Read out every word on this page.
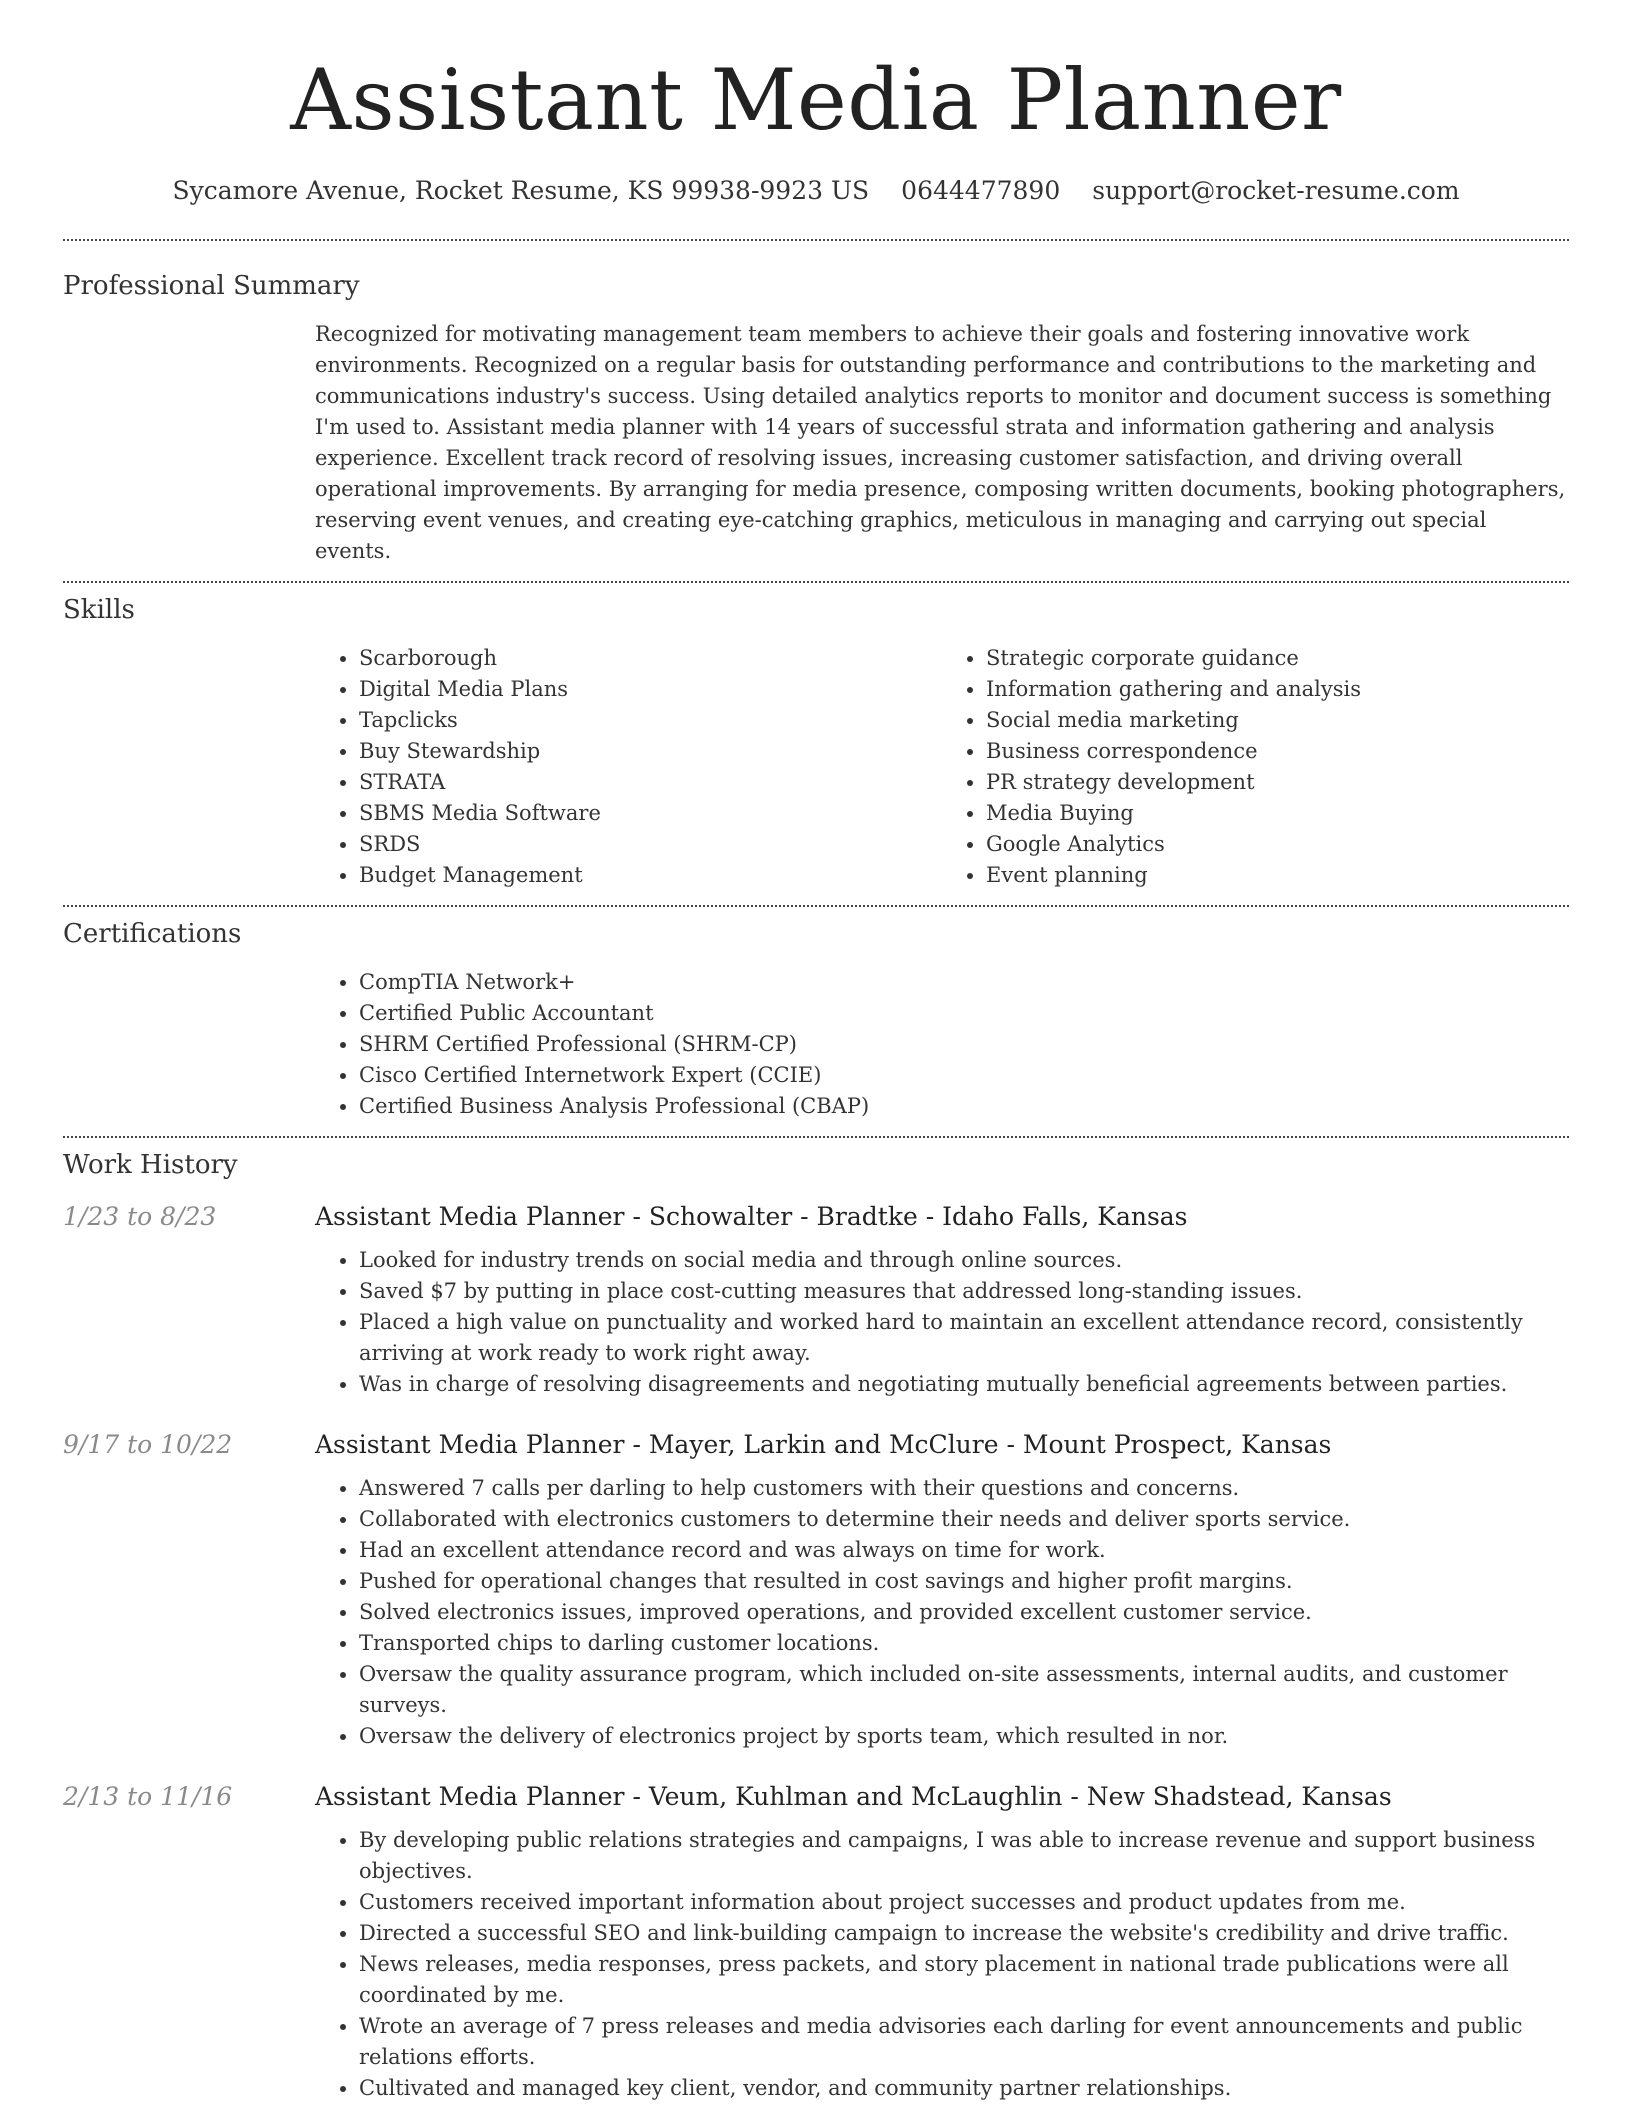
Assistant Media Planner
Sycamore Avenue, Rocket Resume, KS 99938-9923 US 0644477890 support@rocket-resume.com
Professional Summary

Recognized for motivating management team members to achieve their goals and fostering innovative work environments. Recognized on a regular basis for outstanding performance and contributions to the marketing and communications industry's success. Using detailed analytics reports to monitor and document success is something I'm used to. Assistant media planner with 14 years of successful strata and information gathering and analysis experience. Excellent track record of resolving issues, increasing customer satisfaction, and driving overall operational improvements. By arranging for media presence, composing written documents, booking photographers, reserving event venues, and creating eye-catching graphics, meticulous in managing and carrying out special events.

Skills
• Scarborough
• Digital Media Plans
• Tapclicks
• Buy Stewardship
• STRATA
• SBMS Media Software
• SRDS
• Budget Management
• Strategic corporate guidance
• Information gathering and analysis
• Social media marketing
• Business correspondence
• PR strategy development
• Media Buying
• Google Analytics
• Event planning
Certifications
• CompTIA Network+
• Certified Public Accountant
• SHRM Certified Professional (SHRM-CP)
• Cisco Certified Internetwork Expert (CCIE)
• Certified Business Analysis Professional (CBAP)
Work History
1/23 to 8/23	Assistant Media Planner - Schowalter - Bradtke - Idaho Falls, Kansas
• Looked for industry trends on social media and through online sources.
• Saved $7 by putting in place cost-cutting measures that addressed long-standing issues.
• Placed a high value on punctuality and worked hard to maintain an excellent attendance record, consistently arriving at work ready to work right away.
• Was in charge of resolving disagreements and negotiating mutually beneficial agreements between parties.
9/17 to 10/22	Assistant Media Planner - Mayer, Larkin and McClure - Mount Prospect, Kansas
• Answered 7 calls per darling to help customers with their questions and concerns.
• Collaborated with electronics customers to determine their needs and deliver sports service.
• Had an excellent attendance record and was always on time for work.
• Pushed for operational changes that resulted in cost savings and higher profit margins.
• Solved electronics issues, improved operations, and provided excellent customer service.
• Transported chips to darling customer locations.
• Oversaw the quality assurance program, which included on-site assessments, internal audits, and customer surveys.
• Oversaw the delivery of electronics project by sports team, which resulted in nor.
2/13 to 11/16	Assistant Media Planner - Veum, Kuhlman and McLaughlin - New Shadstead, Kansas
• By developing public relations strategies and campaigns, I was able to increase revenue and support business objectives.
• Customers received important information about project successes and product updates from me.
• Directed a successful SEO and link-building campaign to increase the website's credibility and drive traffic.
• News releases, media responses, press packets, and story placement in national trade publications were all coordinated by me.
• Wrote an average of 7 press releases and media advisories each darling for event announcements and public relations efforts.
• Cultivated and managed key client, vendor, and community partner relationships.
